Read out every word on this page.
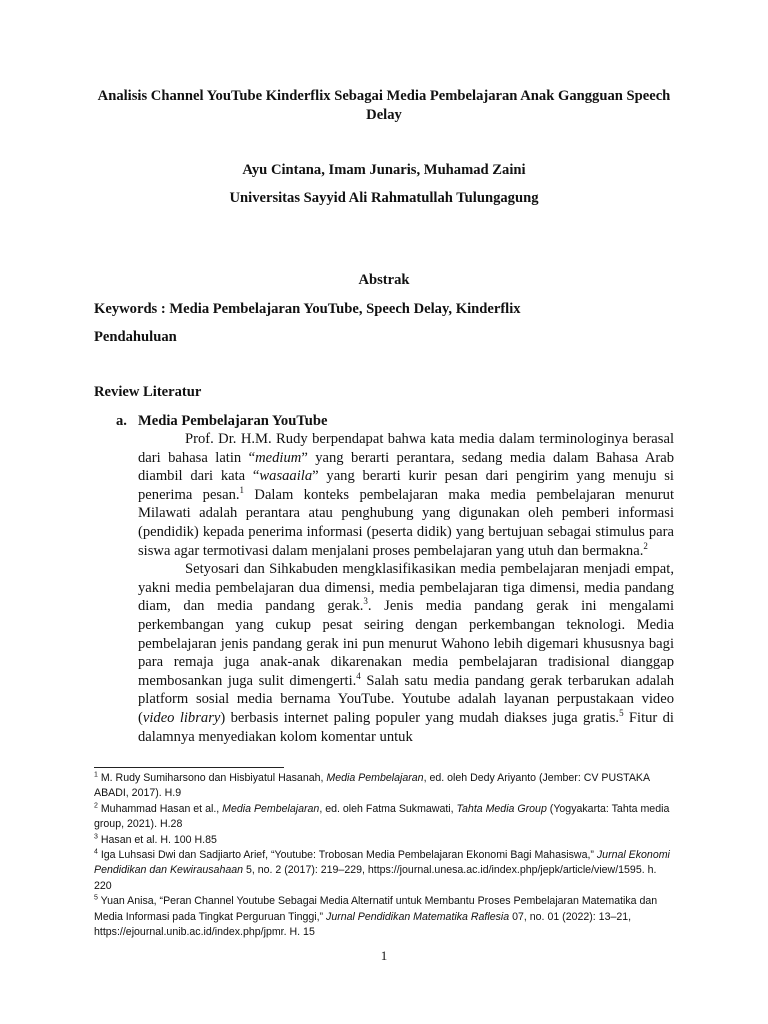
Analisis Channel YouTube Kinderflix Sebagai Media Pembelajaran Anak Gangguan Speech Delay
Ayu Cintana, Imam Junaris, Muhamad Zaini
Universitas Sayyid Ali Rahmatullah Tulungagung
Abstrak
Keywords : Media Pembelajaran YouTube, Speech Delay, Kinderflix
Pendahuluan
Review Literatur
a. Media Pembelajaran YouTube

Prof. Dr. H.M. Rudy berpendapat bahwa kata media dalam terminologinya berasal dari bahasa latin “medium” yang berarti perantara, sedang media dalam Bahasa Arab diambil dari kata “wasaaila” yang berarti kurir pesan dari pengirim yang menuju si penerima pesan.$^1$ Dalam konteks pembelajaran maka media pembelajaran menurut Milawati adalah perantara atau penghubung yang digunakan oleh pemberi informasi (pendidik) kepada penerima informasi (peserta didik) yang bertujuan sebagai stimulus para siswa agar termotivasi dalam menjalani proses pembelajaran yang utuh dan bermakna.$^2$

Setyosari dan Sihkabuden mengklasifikasikan media pembelajaran menjadi empat, yakni media pembelajaran dua dimensi, media pembelajaran tiga dimensi, media pandang diam, dan media pandang gerak.$^3$. Jenis media pandang gerak ini mengalami perkembangan yang cukup pesat seiring dengan perkembangan teknologi. Media pembelajaran jenis pandang gerak ini pun menurut Wahono lebih digemari khususnya bagi para remaja juga anak-anak dikarenakan media pembelajaran tradisional dianggap membosankan juga sulit dimengerti.$^4$ Salah satu media pandang gerak terbarukan adalah platform sosial media bernama YouTube. Youtube adalah layanan perpustakaan video (video library) berbasis internet paling populer yang mudah diakses juga gratis.$^5$ Fitur di dalamnya menyediakan kolom komentar untuk

$^1$ M. Rudy Sumiharsono dan Hisbiyatul Hasanah, Media Pembelajaran, ed. oleh Dedy Ariyanto (Jember: CV PUSTAKA ABADI, 2017). H.9

$^2$ Muhammad Hasan et al., Media Pembelajaran, ed. oleh Fatma Sukmawati, Tahta Media Group (Yogyakarta: Tahta media group, 2021). H.28

$^3$ Hasan et al. H. 100 H.85

$^4$ Iga Luhsasi Dwi dan Sadjiarto Arief, “Youtube: Trobosan Media Pembelajaran Ekonomi Bagi Mahasiswa,” Jurnal Ekonomi Pendidikan dan Kewirausahaan 5, no. 2 (2017): 219–229, https://journal.unesa.ac.id/index.php/jepk/article/view/1595. h. 220

$^5$ Yuan Anisa, “Peran Channel Youtube Sebagai Media Alternatif untuk Membantu Proses Pembelajaran Matematika dan Media Informasi pada Tingkat Perguruan Tinggi,” Jurnal Pendidikan Matematika Raflesia 07, no. 01 (2022): 13–21, https://ejournal.unib.ac.id/index.php/jpmr. H. 15

1
